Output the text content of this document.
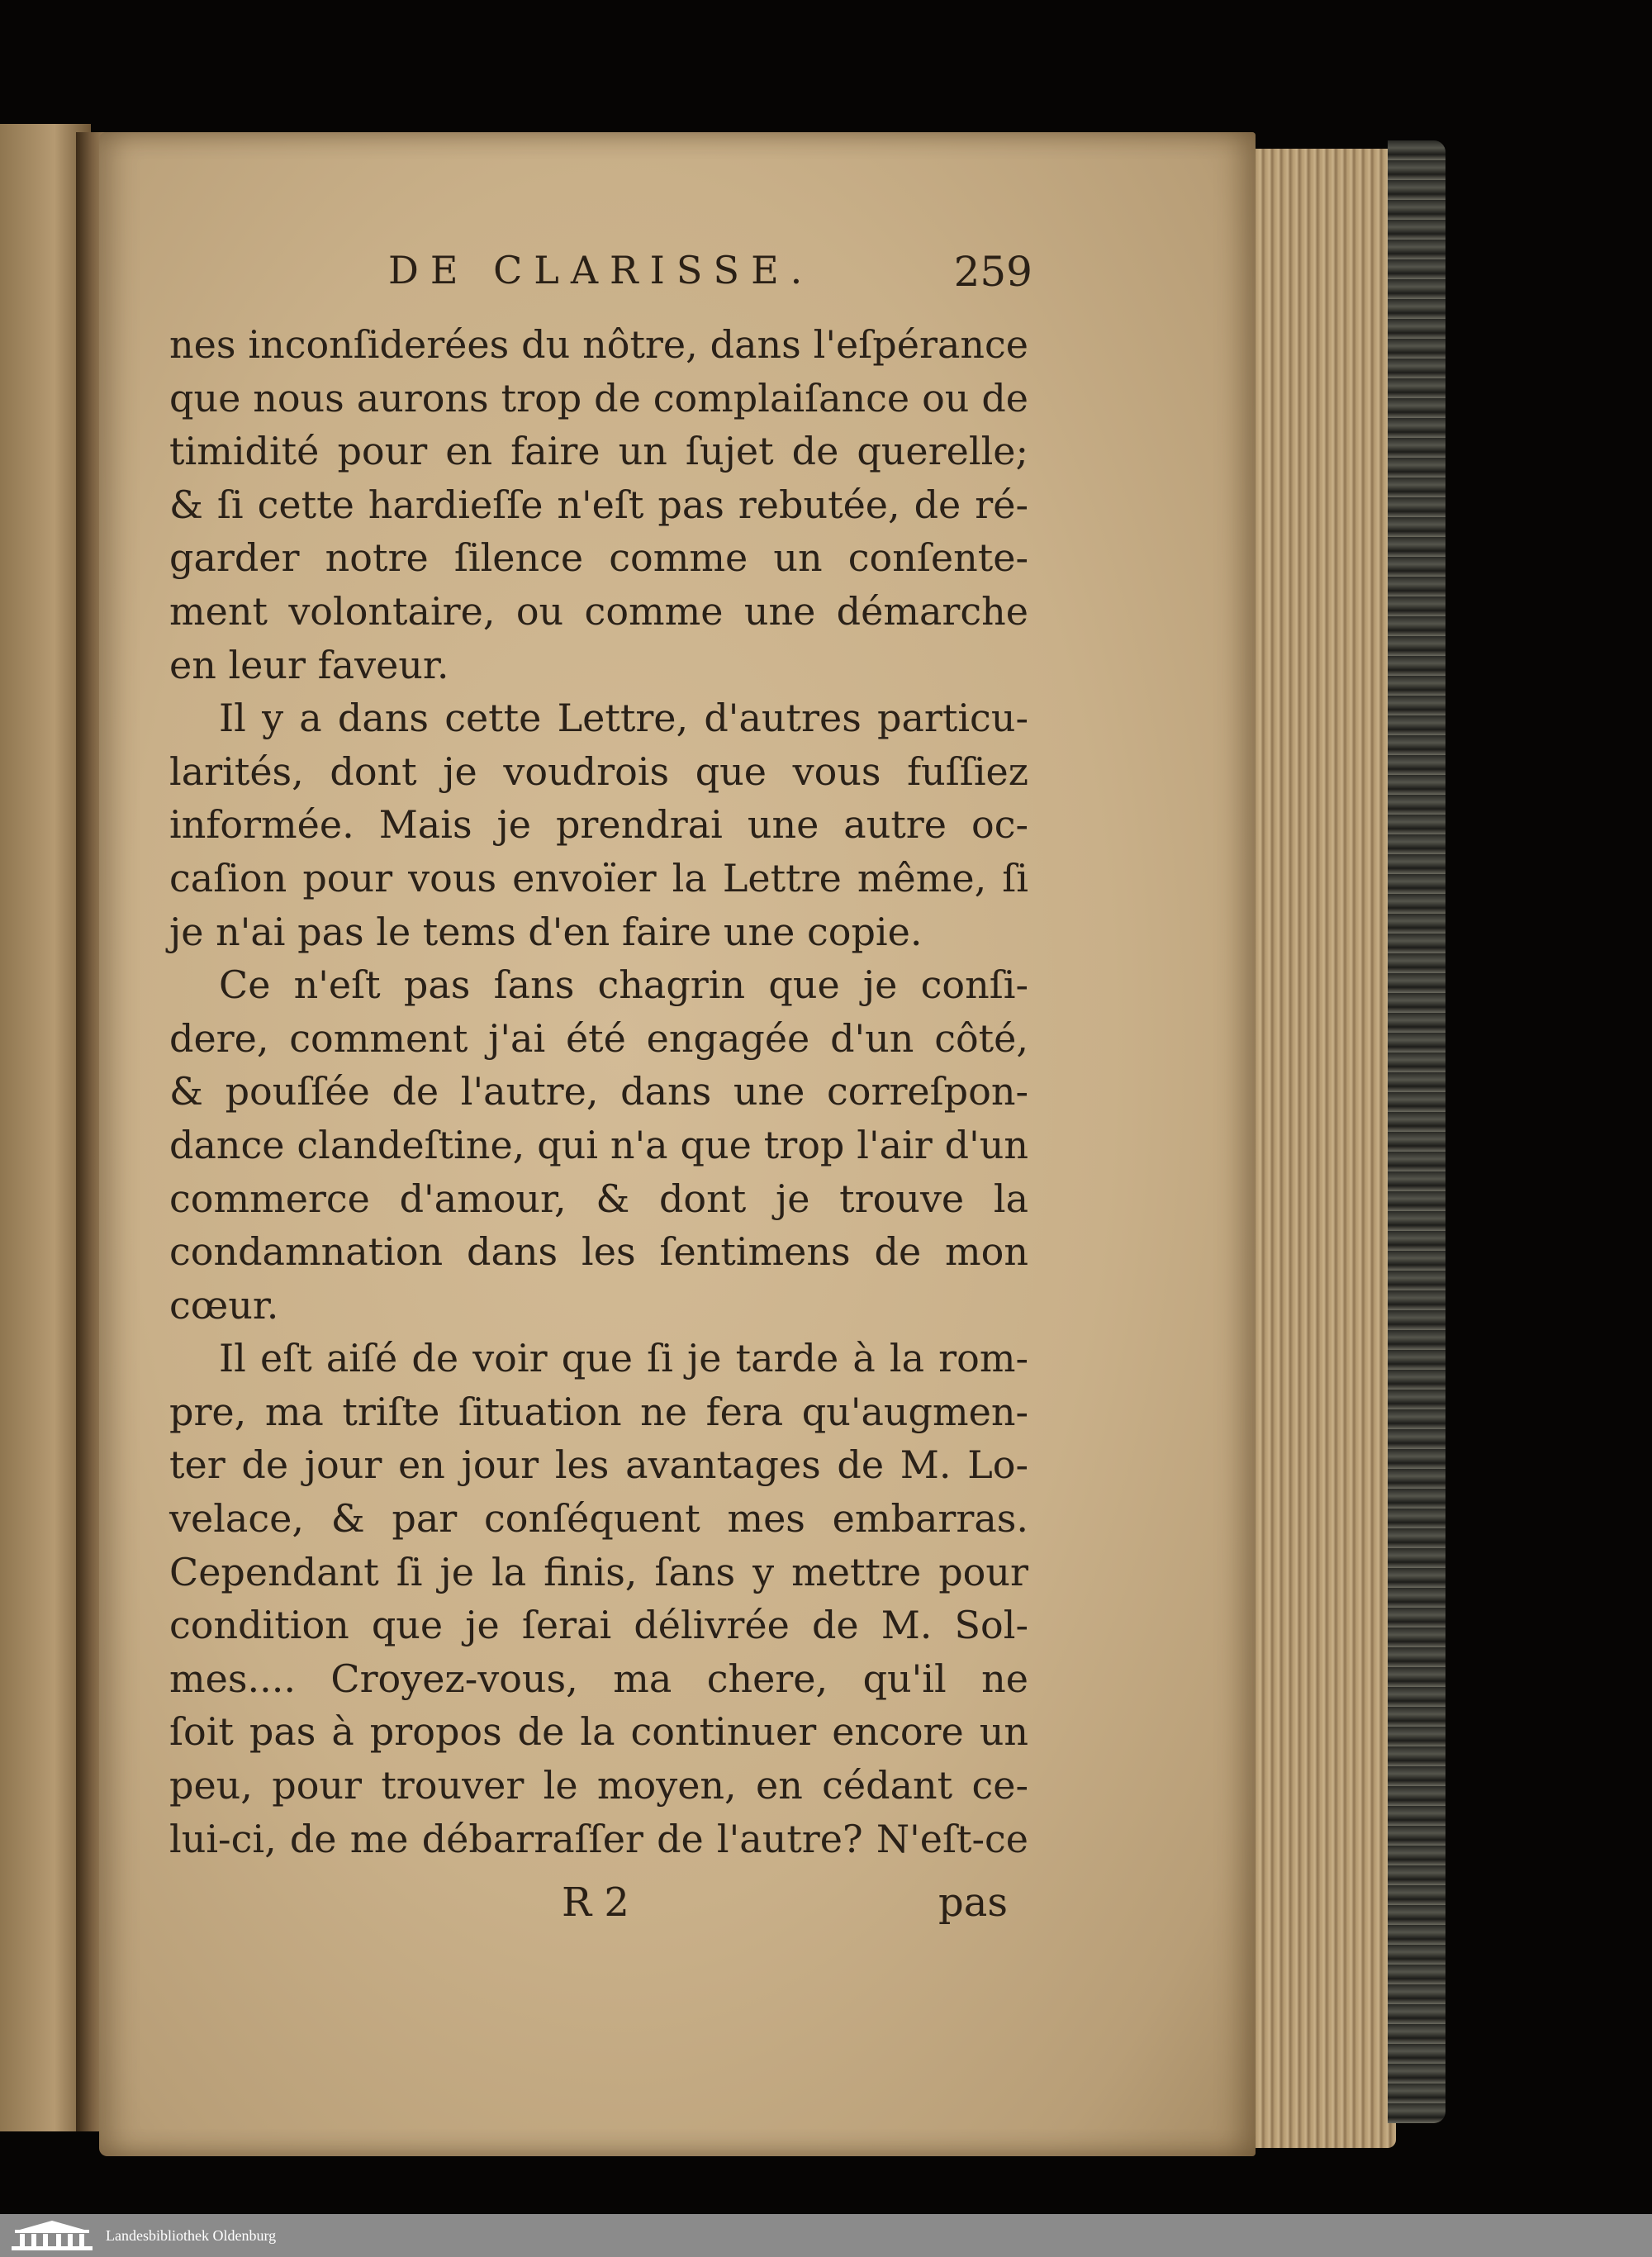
DE CLARISSE.	259

nes inconſiderées du nôtre, dans l'eſpérance

que nous aurons trop de complaiſance ou de

timidité pour en faire un ſujet de querelle;

& ſi cette hardieſſe n'eſt pas rebutée, de ré-

garder notre ſilence comme un conſente-

ment volontaire, ou comme une démarche

en leur faveur.

Il y a dans cette Lettre, d'autres particu-

larités, dont je voudrois que vous fuſſiez

informée. Mais je prendrai une autre oc-

caſion pour vous envoïer la Lettre même, ſi

je n'ai pas le tems d'en faire une copie.

Ce n'eſt pas ſans chagrin que je conſi-

dere, comment j'ai été engagée d'un côté,

& pouſſée de l'autre, dans une correſpon-

dance clandeſtine, qui n'a que trop l'air d'un

commerce d'amour, & dont je trouve la

condamnation dans les ſentimens de mon

cœur.

Il eſt aiſé de voir que ſi je tarde à la rom-

pre, ma triſte ſituation ne fera qu'augmen-

ter de jour en jour les avantages de M. Lo-

velace, & par conſéquent mes embarras.

Cependant ſi je la finis, ſans y mettre pour

condition que je ſerai délivrée de M. Sol-

mes.... Croyez-vous, ma chere, qu'il ne

ſoit pas à propos de la continuer encore un

peu, pour trouver le moyen, en cédant ce-

lui-ci, de me débarraſſer de l'autre? N'eſt-ce

R 2	pas
Landesbibliothek Oldenburg
